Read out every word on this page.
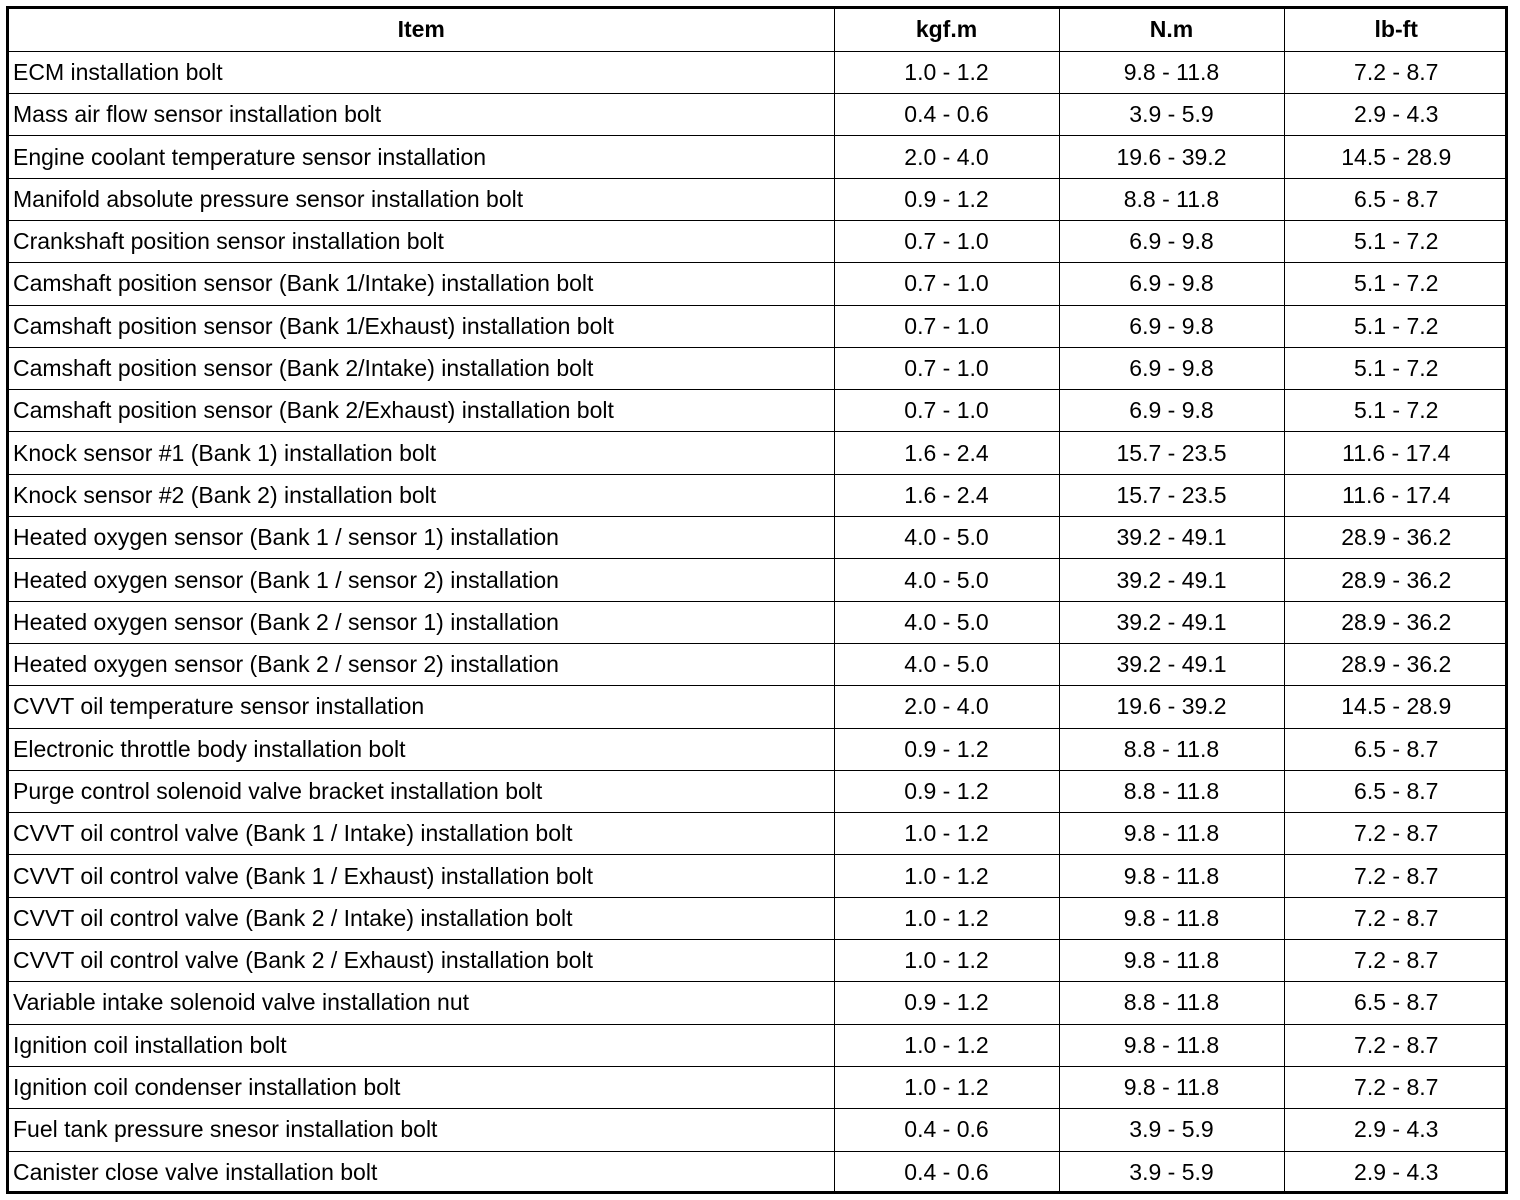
Item	kgf.m	N.m	lb-ft
ECM installation bolt	1.0 - 1.2	9.8 - 11.8	7.2 - 8.7
Mass air flow sensor installation bolt	0.4 - 0.6	3.9 - 5.9	2.9 - 4.3
Engine coolant temperature sensor installation	2.0 - 4.0	19.6 - 39.2	14.5 - 28.9
Manifold absolute pressure sensor installation bolt	0.9 - 1.2	8.8 - 11.8	6.5 - 8.7
Crankshaft position sensor installation bolt	0.7 - 1.0	6.9 - 9.8	5.1 - 7.2
Camshaft position sensor (Bank 1/Intake) installation bolt	0.7 - 1.0	6.9 - 9.8	5.1 - 7.2
Camshaft position sensor (Bank 1/Exhaust) installation bolt	0.7 - 1.0	6.9 - 9.8	5.1 - 7.2
Camshaft position sensor (Bank 2/Intake) installation bolt	0.7 - 1.0	6.9 - 9.8	5.1 - 7.2
Camshaft position sensor (Bank 2/Exhaust) installation bolt	0.7 - 1.0	6.9 - 9.8	5.1 - 7.2
Knock sensor #1 (Bank 1) installation bolt	1.6 - 2.4	15.7 - 23.5	11.6 - 17.4
Knock sensor #2 (Bank 2) installation bolt	1.6 - 2.4	15.7 - 23.5	11.6 - 17.4
Heated oxygen sensor (Bank 1 / sensor 1) installation	4.0 - 5.0	39.2 - 49.1	28.9 - 36.2
Heated oxygen sensor (Bank 1 / sensor 2) installation	4.0 - 5.0	39.2 - 49.1	28.9 - 36.2
Heated oxygen sensor (Bank 2 / sensor 1) installation	4.0 - 5.0	39.2 - 49.1	28.9 - 36.2
Heated oxygen sensor (Bank 2 / sensor 2) installation	4.0 - 5.0	39.2 - 49.1	28.9 - 36.2
CVVT oil temperature sensor installation	2.0 - 4.0	19.6 - 39.2	14.5 - 28.9
Electronic throttle body installation bolt	0.9 - 1.2	8.8 - 11.8	6.5 - 8.7
Purge control solenoid valve bracket installation bolt	0.9 - 1.2	8.8 - 11.8	6.5 - 8.7
CVVT oil control valve (Bank 1 / Intake) installation bolt	1.0 - 1.2	9.8 - 11.8	7.2 - 8.7
CVVT oil control valve (Bank 1 / Exhaust) installation bolt	1.0 - 1.2	9.8 - 11.8	7.2 - 8.7
CVVT oil control valve (Bank 2 / Intake) installation bolt	1.0 - 1.2	9.8 - 11.8	7.2 - 8.7
CVVT oil control valve (Bank 2 / Exhaust) installation bolt	1.0 - 1.2	9.8 - 11.8	7.2 - 8.7
Variable intake solenoid valve installation nut	0.9 - 1.2	8.8 - 11.8	6.5 - 8.7
Ignition coil installation bolt	1.0 - 1.2	9.8 - 11.8	7.2 - 8.7
Ignition coil condenser installation bolt	1.0 - 1.2	9.8 - 11.8	7.2 - 8.7
Fuel tank pressure snesor installation bolt	0.4 - 0.6	3.9 - 5.9	2.9 - 4.3
Canister close valve installation bolt	0.4 - 0.6	3.9 - 5.9	2.9 - 4.3
